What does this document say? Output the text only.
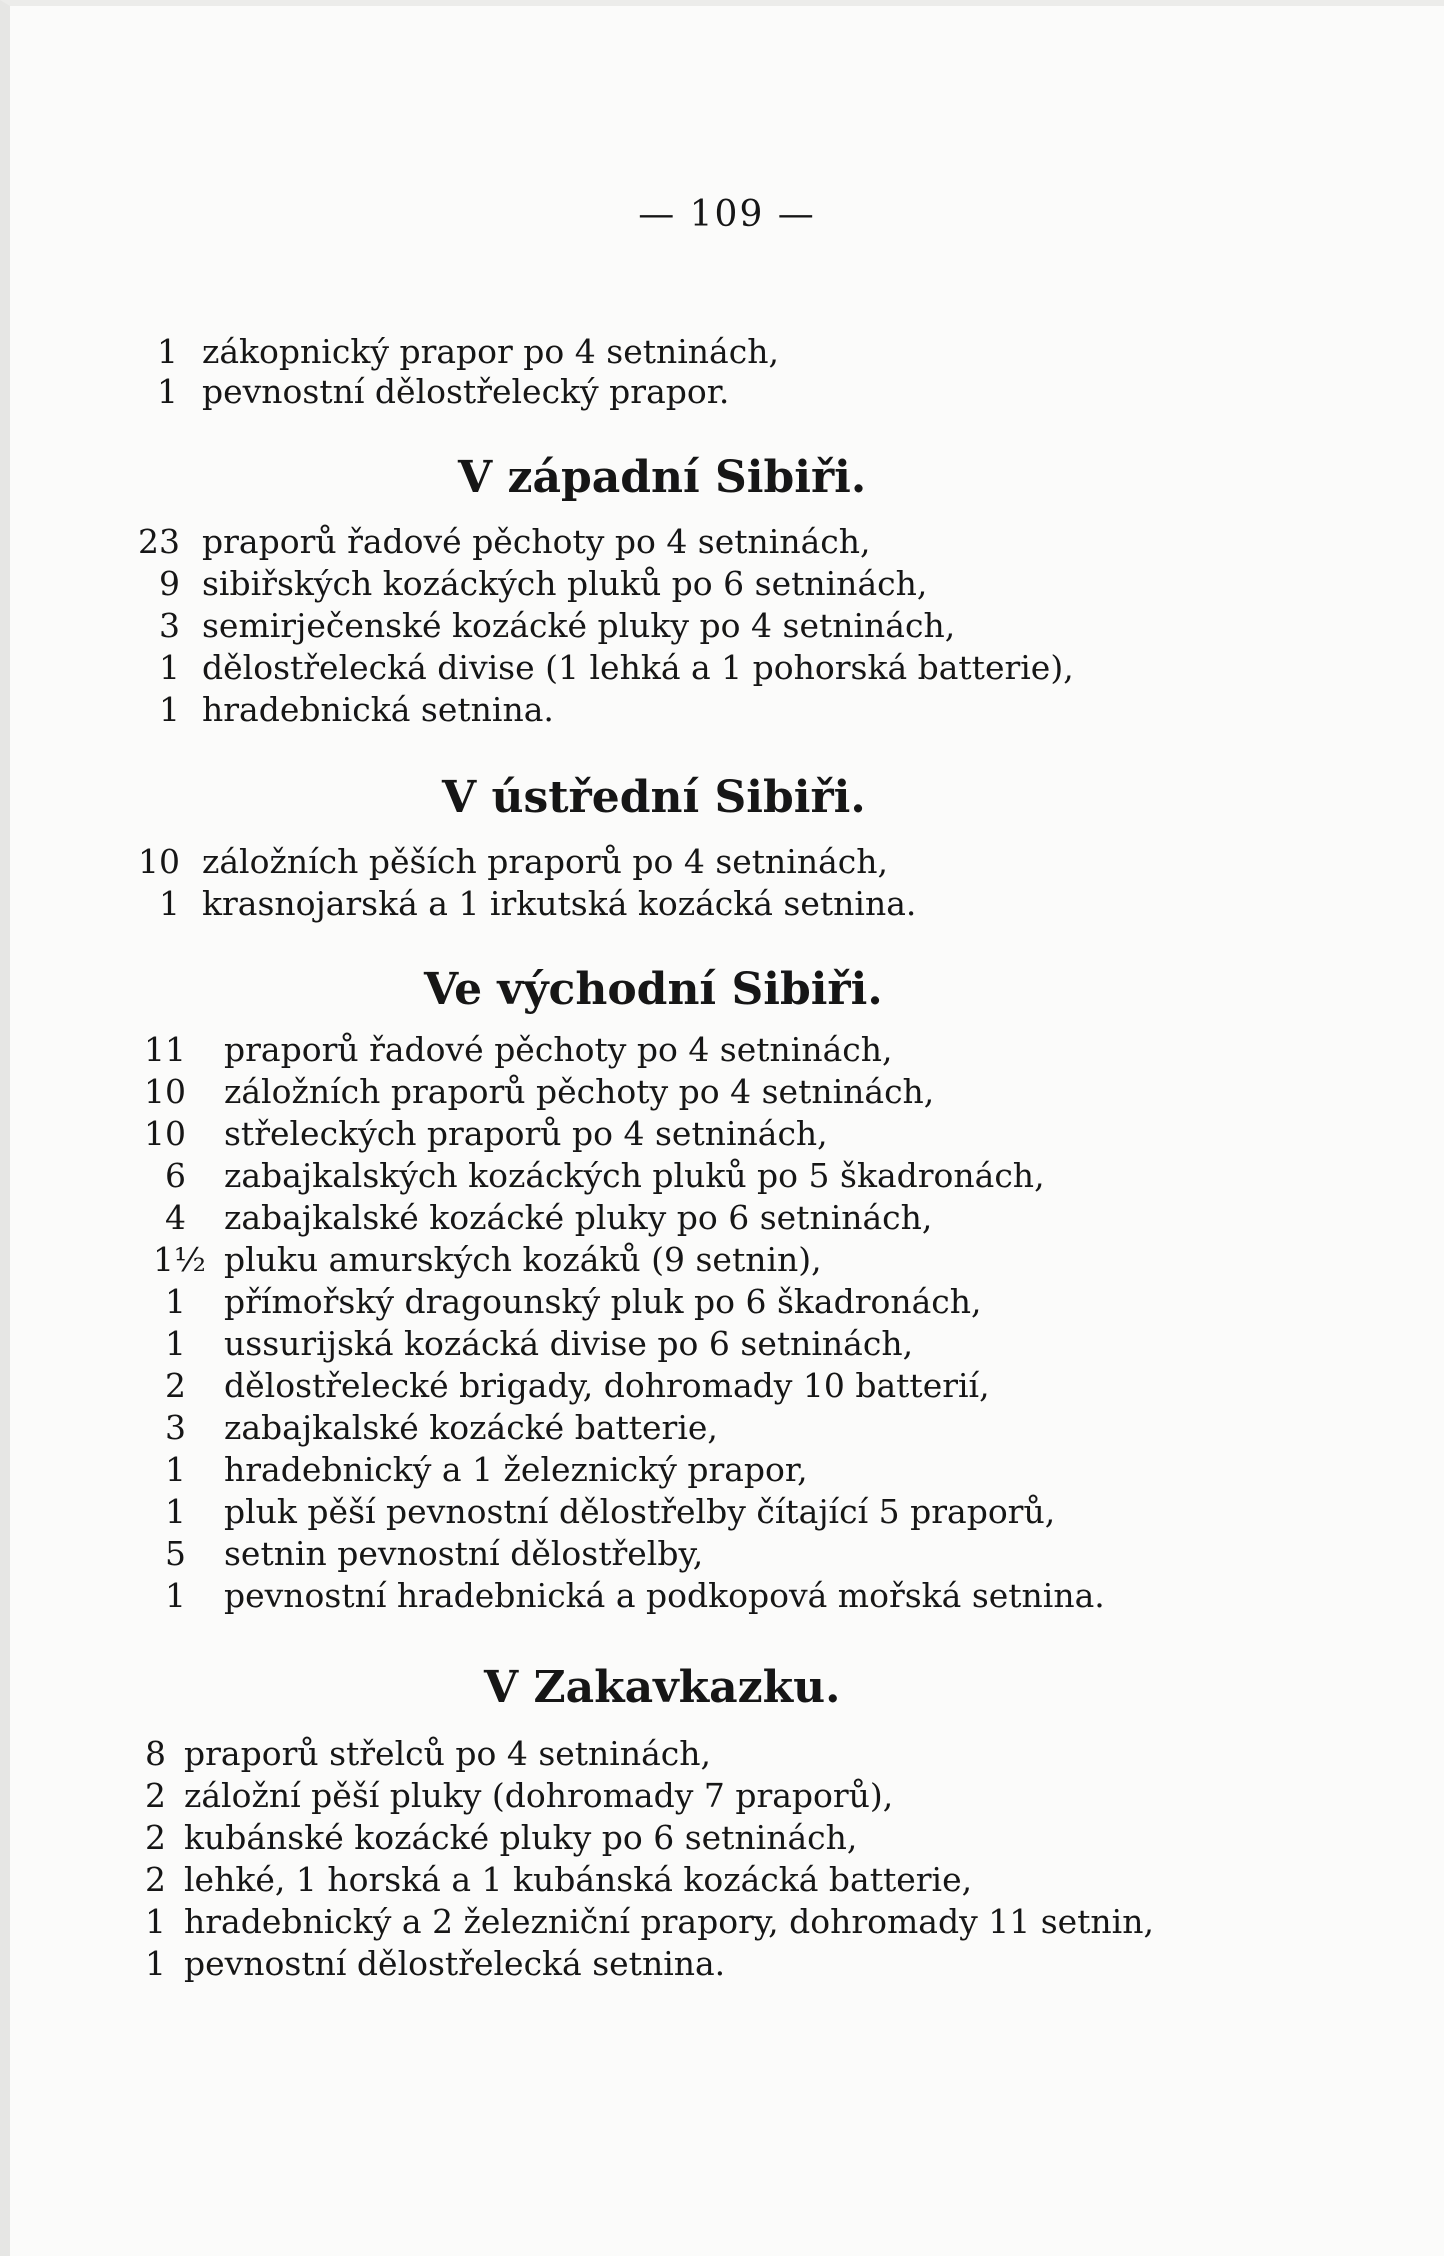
— 109 —
1 zákopnický prapor po 4 setninách,
1 pevnostní dělostřelecký prapor.
V západní Sibiři.
23 praporů řadové pěchoty po 4 setninách,
9 sibiřských kozáckých pluků po 6 setninách,
3 semirječenské kozácké pluky po 4 setninách,
1 dělostřelecká divise (1 lehká a 1 pohorská batterie),
1 hradebnická setnina.
V ústřední Sibiři.
10 záložních pěších praporů po 4 setninách,
1 krasnojarská a 1 irkutská kozácká setnina.
Ve východní Sibiři.
11 praporů řadové pěchoty po 4 setninách,
10 záložních praporů pěchoty po 4 setninách,
10 střeleckých praporů po 4 setninách,
6 zabajkalských kozáckých pluků po 5 škadronách,
4 zabajkalské kozácké pluky po 6 setninách,
1½ pluku amurských kozáků (9 setnin),
1 přímořský dragounský pluk po 6 škadronách,
1 ussurijská kozácká divise po 6 setninách,
2 dělostřelecké brigady, dohromady 10 batterií,
3 zabajkalské kozácké batterie,
1 hradebnický a 1 železnický prapor,
1 pluk pěší pevnostní dělostřelby čítající 5 praporů,
5 setnin pevnostní dělostřelby,
1 pevnostní hradebnická a podkopová mořská setnina.
V Zakavkazku.
8 praporů střelců po 4 setninách,
2 záložní pěší pluky (dohromady 7 praporů),
2 kubánské kozácké pluky po 6 setninách,
2 lehké, 1 horská a 1 kubánská kozácká batterie,
1 hradebnický a 2 železniční prapory, dohromady 11 setnin,
1 pevnostní dělostřelecká setnina.
